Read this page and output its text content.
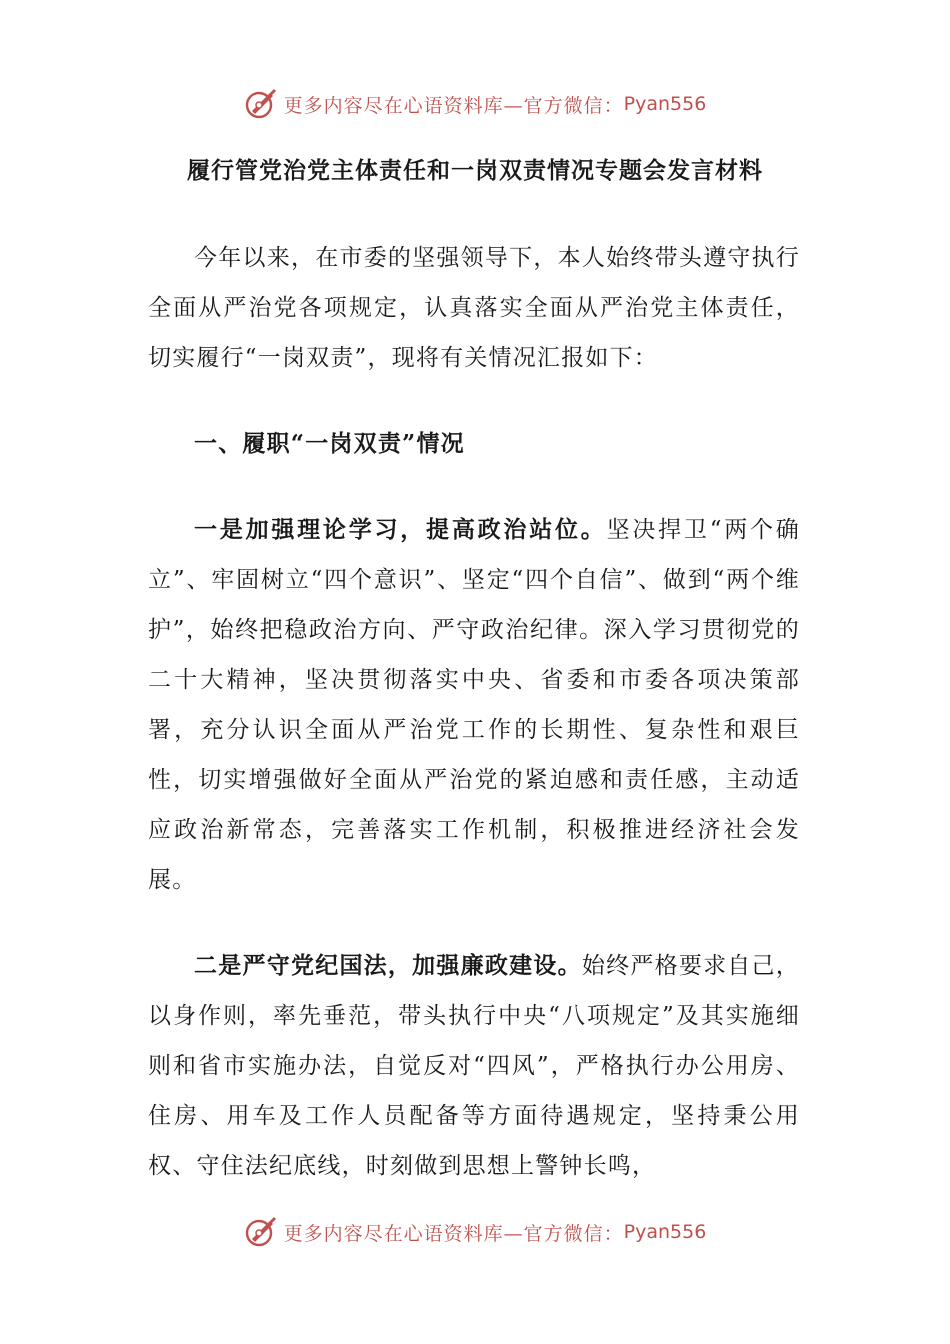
更多内容尽在心语资料库—官方微信： Pyan556
履行管党治党主体责任和一岗双责情况专题会发言材料

今年以来，在市委的坚强领导下，本人始终带头遵守执行全面从严治党各项规定，认真落实全面从严治党主体责任，切实履行“一岗双责”，现将有关情况汇报如下：

一、履职“一岗双责”情况

一是加强理论学习，提高政治站位。坚决捍卫“两个确立”、牢固树立“四个意识”、坚定“四个自信”、做到“两个维护”，始终把稳政治方向、严守政治纪律。深入学习贯彻党的二十大精神，坚决贯彻落实中央、省委和市委各项决策部署，充分认识全面从严治党工作的长期性、复杂性和艰巨性，切实增强做好全面从严治党的紧迫感和责任感，主动适应政治新常态，完善落实工作机制，积极推进经济社会发展。

二是严守党纪国法，加强廉政建设。始终严格要求自己，以身作则，率先垂范，带头执行中央“八项规定”及其实施细则和省市实施办法，自觉反对“四风”，严格执行办公用房、住房、用车及工作人员配备等方面待遇规定，坚持秉公用权、守住法纪底线，时刻做到思想上警钟长鸣，

更多内容尽在心语资料库—官方微信： Pyan556
